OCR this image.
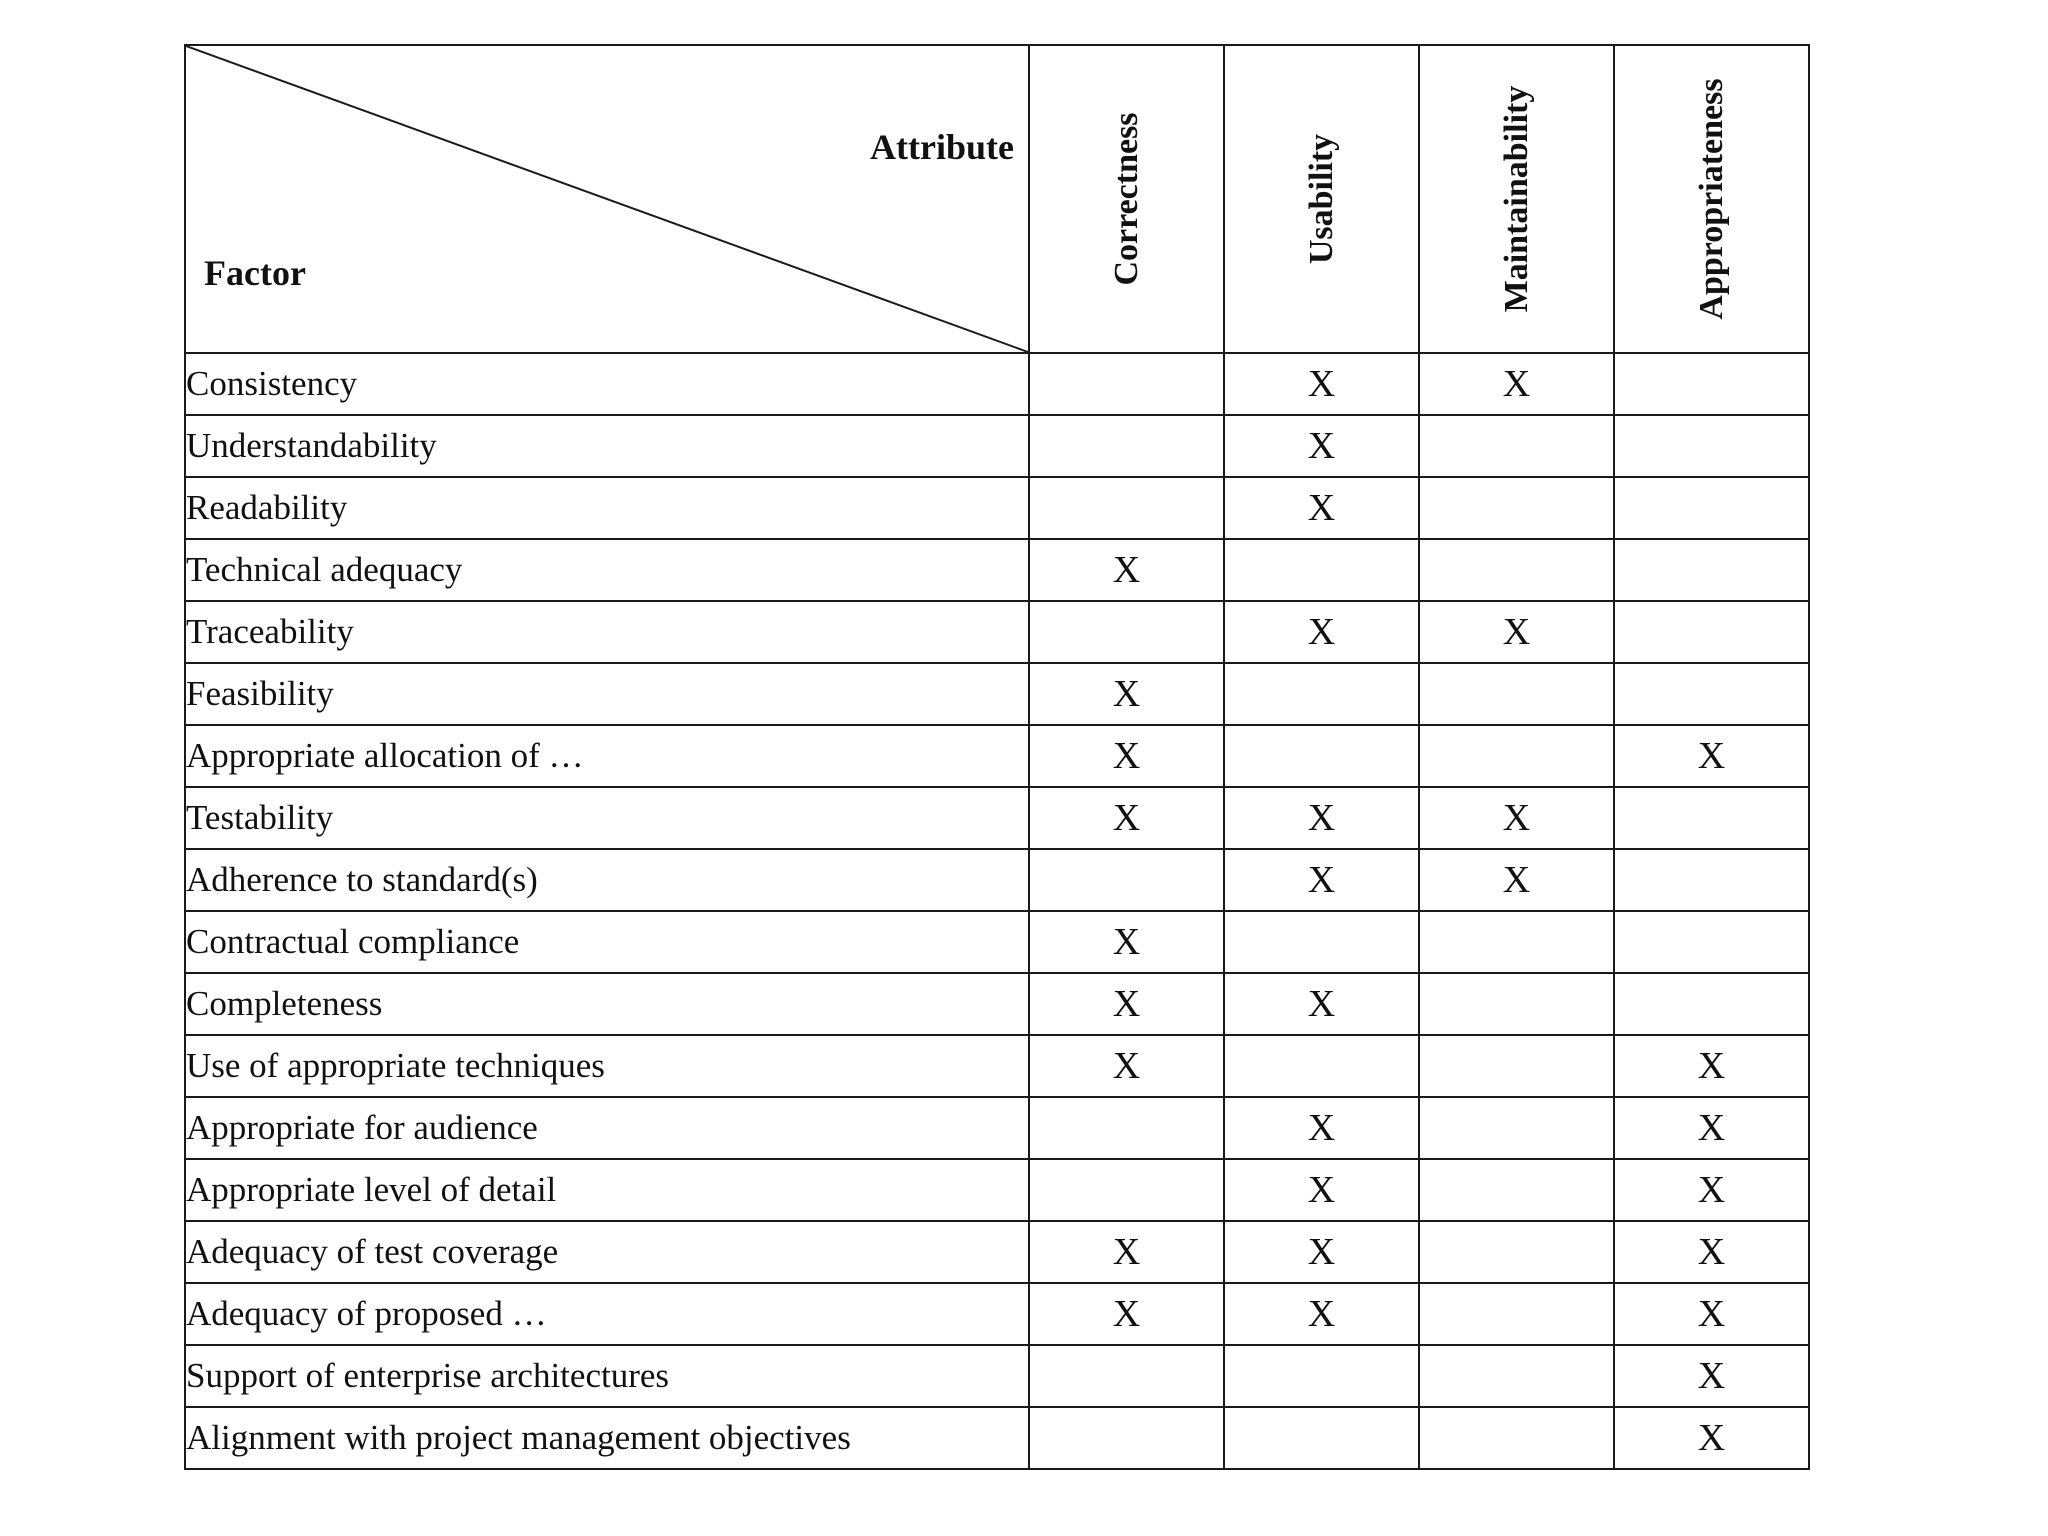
Attribute
Factor	Correctness	Usability	Maintainability	Appropriateness

Consistency		X	X	
Understandability		X		
Readability		X		
Technical adequacy	X			
Traceability		X	X	
Feasibility	X			
Appropriate allocation of …	X			X
Testability	X	X	X	
Adherence to standard(s)		X	X	
Contractual compliance	X			
Completeness	X	X		
Use of appropriate techniques	X			X
Appropriate for audience		X		X
Appropriate level of detail		X		X
Adequacy of test coverage	X	X		X
Adequacy of proposed …	X	X		X
Support of enterprise architectures				X
Alignment with project management objectives				X
